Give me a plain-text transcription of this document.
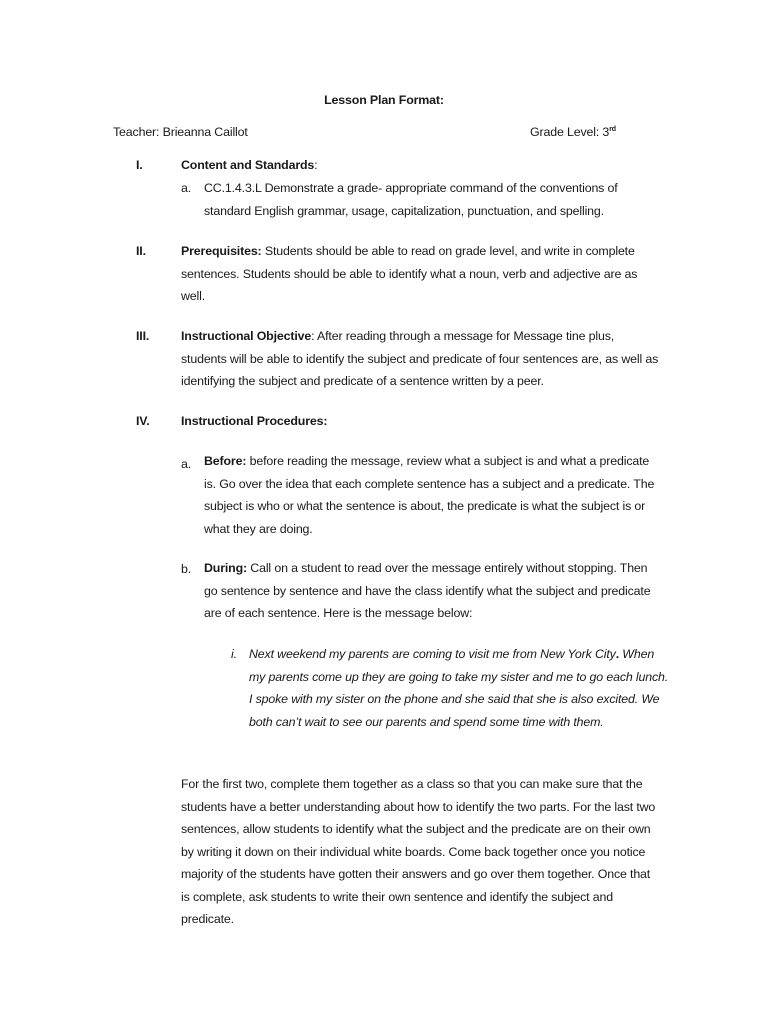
Lesson Plan Format:
Teacher: Brieanna Caillot	Grade Level: 3rd
I.	Content and Standards:
a. CC.1.4.3.L Demonstrate a grade- appropriate command of the conventions of standard English grammar, usage, capitalization, punctuation, and spelling.
II.	Prerequisites: Students should be able to read on grade level, and write in complete sentences. Students should be able to identify what a noun, verb and adjective are as well.
III.	Instructional Objective: After reading through a message for Message tine plus, students will be able to identify the subject and predicate of four sentences are, as well as identifying the subject and predicate of a sentence written by a peer.
IV.	Instructional Procedures:
a. Before: before reading the message, review what a subject is and what a predicate is. Go over the idea that each complete sentence has a subject and a predicate. The subject is who or what the sentence is about, the predicate is what the subject is or what they are doing.
b. During: Call on a student to read over the message entirely without stopping. Then go sentence by sentence and have the class identify what the subject and predicate are of each sentence. Here is the message below:
i. Next weekend my parents are coming to visit me from New York City. When my parents come up they are going to take my sister and me to go each lunch. I spoke with my sister on the phone and she said that she is also excited. We both can’t wait to see our parents and spend some time with them.
For the first two, complete them together as a class so that you can make sure that the students have a better understanding about how to identify the two parts. For the last two sentences, allow students to identify what the subject and the predicate are on their own by writing it down on their individual white boards. Come back together once you notice majority of the students have gotten their answers and go over them together. Once that is complete, ask students to write their own sentence and identify the subject and predicate.
